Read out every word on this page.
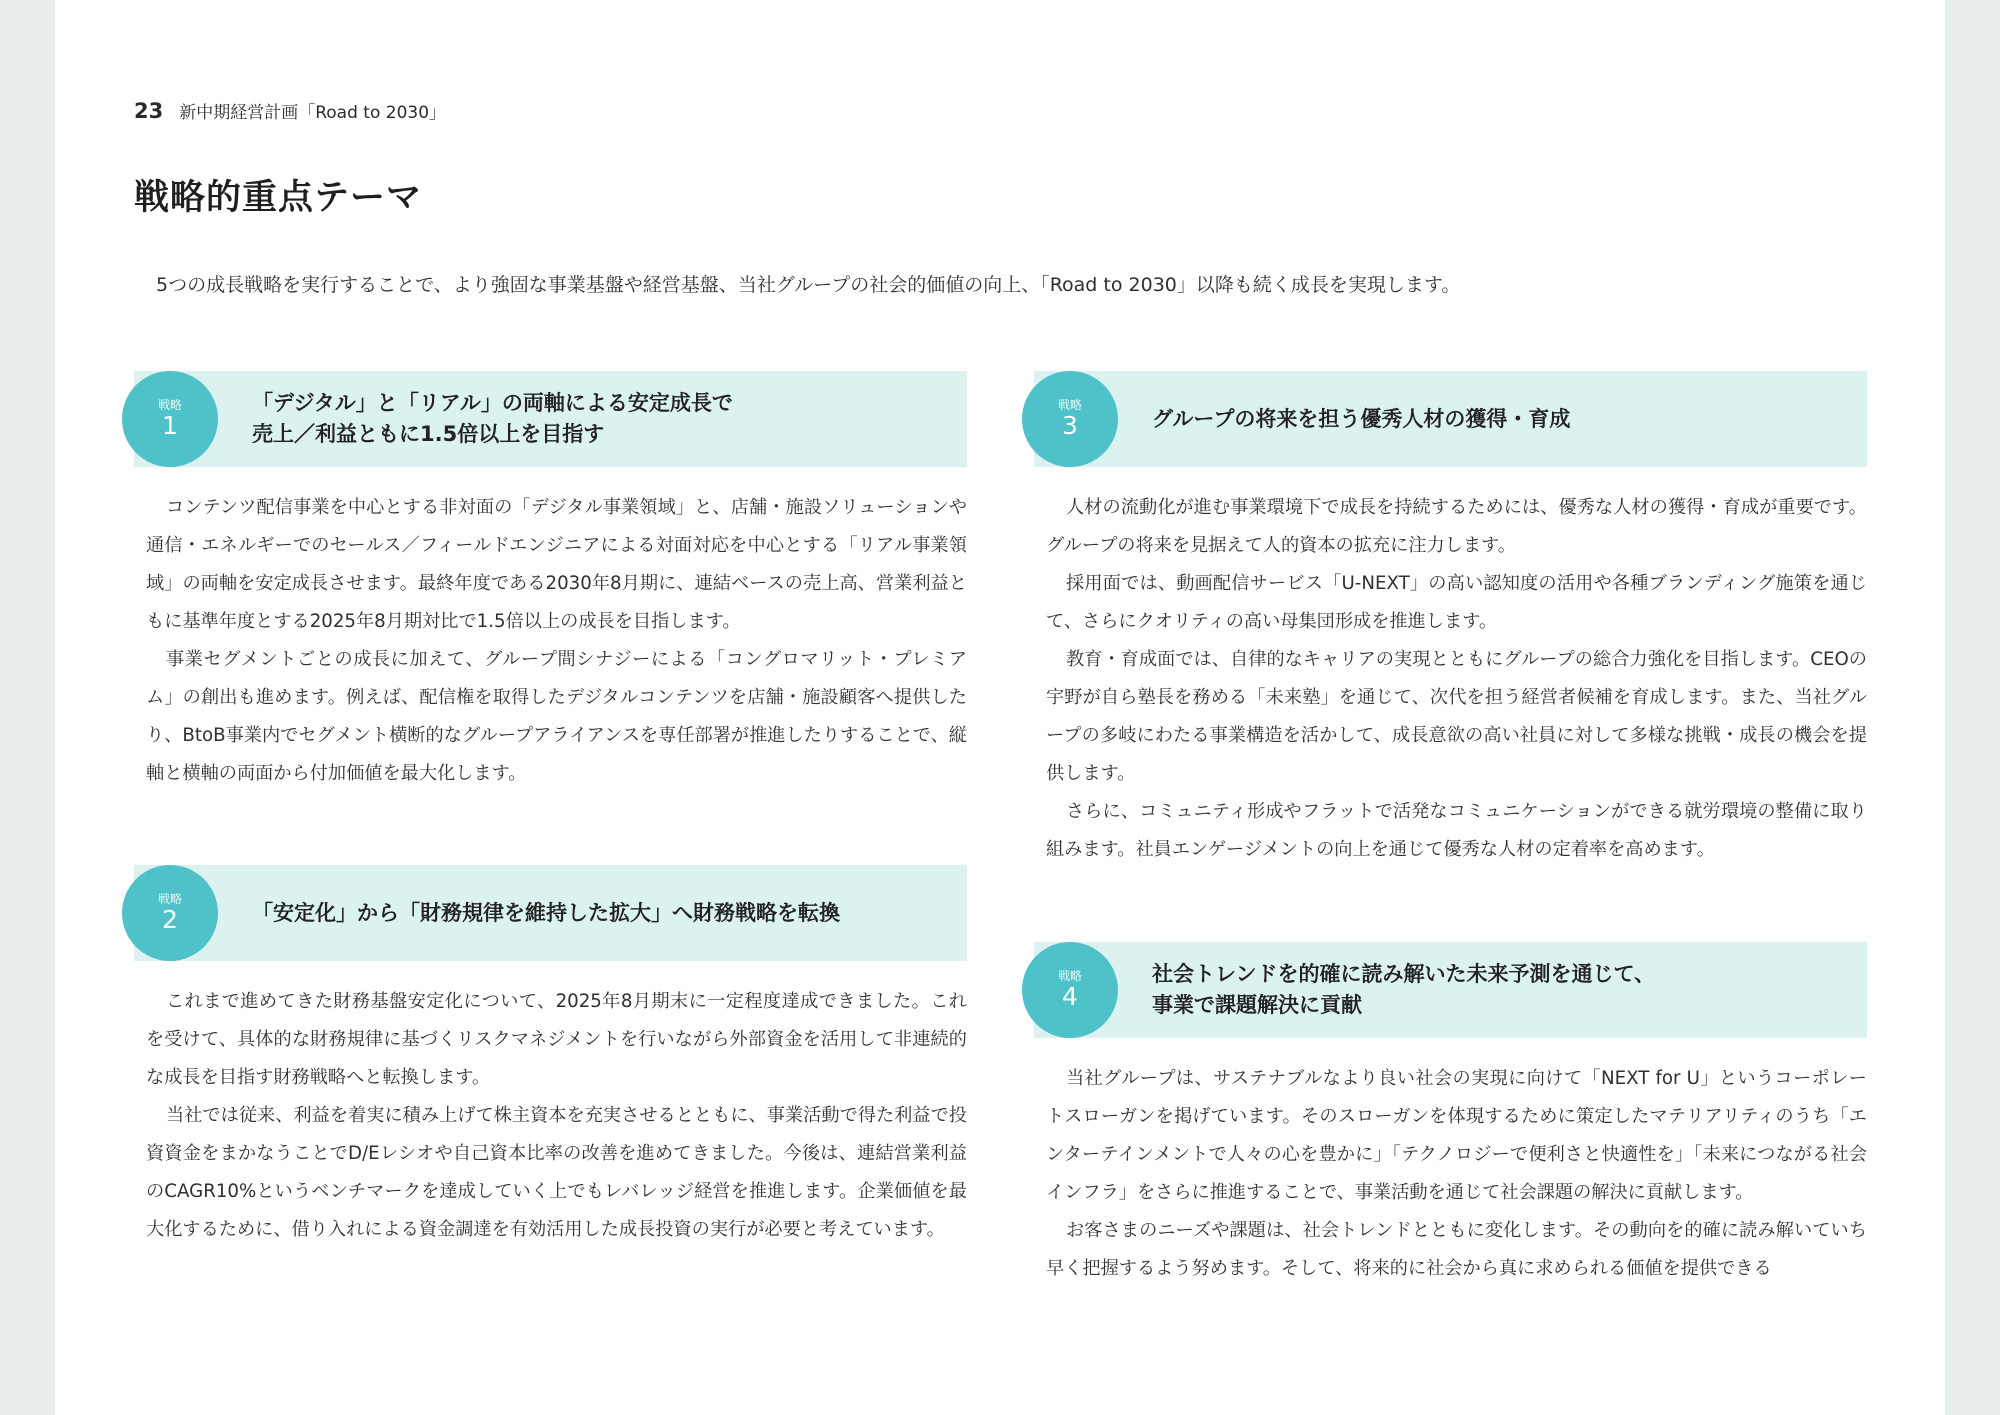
23 新中期経営計画「Road to 2030」
戦略的重点テーマ

5つの成長戦略を実行することで、より強固な事業基盤や経営基盤、当社グループの社会的価値の向上、「Road to 2030」以降も続く成長を実現します。

戦略
1
「デジタル」と「リアル」の両軸による安定成長で
売上／利益ともに1.5倍以上を目指す

コンテンツ配信事業を中心とする非対面の「デジタル事業領域」と、店舗・施設ソリューションや通信・エネルギーでのセールス／フィールドエンジニアによる対面対応を中心とする「リアル事業領域」の両軸を安定成長させます。最終年度である2030年8月期に、連結ベースの売上高、営業利益ともに基準年度とする2025年8月期対比で1.5倍以上の成長を目指します。

事業セグメントごとの成長に加えて、グループ間シナジーによる「コングロマリット・プレミアム」の創出も進めます。例えば、配信権を取得したデジタルコンテンツを店舗・施設顧客へ提供したり、BtoB事業内でセグメント横断的なグループアライアンスを専任部署が推進したりすることで、縦軸と横軸の両面から付加価値を最大化します。

戦略
2	「安定化」から「財務規律を維持した拡大」へ財務戦略を転換

これまで進めてきた財務基盤安定化について、2025年8月期末に一定程度達成できました。これを受けて、具体的な財務規律に基づくリスクマネジメントを行いながら外部資金を活用して非連続的な成長を目指す財務戦略へと転換します。

当社では従来、利益を着実に積み上げて株主資本を充実させるとともに、事業活動で得た利益で投資資金をまかなうことでD/Eレシオや自己資本比率の改善を進めてきました。今後は、連結営業利益のCAGR10%というベンチマークを達成していく上でもレバレッジ経営を推進します。企業価値を最大化するために、借り入れによる資金調達を有効活用した成長投資の実行が必要と考えています。

戦略
3	グループの将来を担う優秀人材の獲得・育成

人材の流動化が進む事業環境下で成長を持続するためには、優秀な人材の獲得・育成が重要です。グループの将来を見据えて人的資本の拡充に注力します。

採用面では、動画配信サービス「U-NEXT」の高い認知度の活用や各種ブランディング施策を通じて、さらにクオリティの高い母集団形成を推進します。

教育・育成面では、自律的なキャリアの実現とともにグループの総合力強化を目指します。CEOの宇野が自ら塾長を務める「未来塾」を通じて、次代を担う経営者候補を育成します。また、当社グループの多岐にわたる事業構造を活かして、成長意欲の高い社員に対して多様な挑戦・成長の機会を提供します。

さらに、コミュニティ形成やフラットで活発なコミュニケーションができる就労環境の整備に取り組みます。社員エンゲージメントの向上を通じて優秀な人材の定着率を高めます。

戦略
4
社会トレンドを的確に読み解いた未来予測を通じて、
事業で課題解決に貢献

当社グループは、サステナブルなより良い社会の実現に向けて「NEXT for U」というコーポレートスローガンを掲げています。そのスローガンを体現するために策定したマテリアリティのうち「エンターテインメントで人々の心を豊かに」「テクノロジーで便利さと快適性を」「未来につながる社会インフラ」をさらに推進することで、事業活動を通じて社会課題の解決に貢献します。

お客さまのニーズや課題は、社会トレンドとともに変化します。その動向を的確に読み解いていち早く把握するよう努めます。そして、将来的に社会から真に求められる価値を提供できる
